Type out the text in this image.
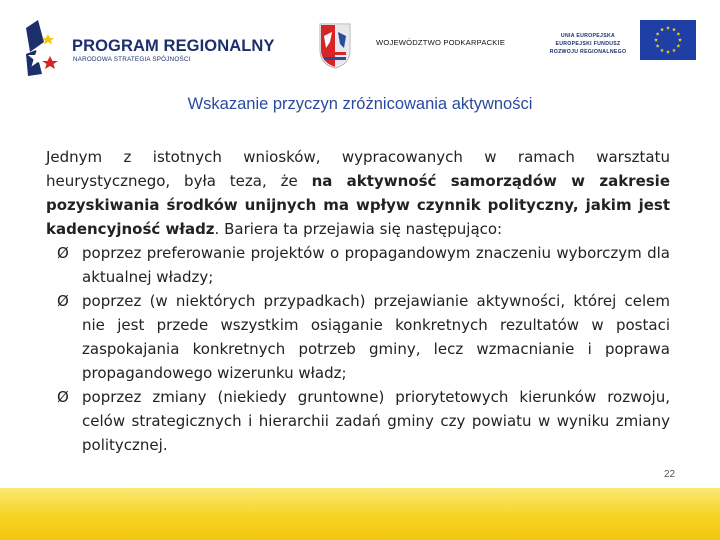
PROGRAM REGIONALNY
NARODOWA STRATEGIA SPÓJNOŚCI
WOJEWÓDZTWO PODKARPACKIE
UNIA EUROPEJSKA
EUROPEJSKI FUNDUSZ
ROZWOJU REGIONALNEGO
Wskazanie przyczyn zróżnicowania aktywności

Jednym z istotnych wniosków, wypracowanych w ramach warsztatu heurystycznego, była teza, że na aktywność samorządów w zakresie pozyskiwania środków unijnych ma wpływ czynnik polityczny, jakim jest kadencyjność władz. Bariera ta przejawia się następująco:

Ø poprzez preferowanie projektów o propagandowym znaczeniu wyborczym dla aktualnej władzy;
Ø poprzez (w niektórych przypadkach) przejawianie aktywności, której celem nie jest przede wszystkim osiąganie konkretnych rezultatów w postaci zaspokajania konkretnych potrzeb gminy, lecz wzmacnianie i poprawa propagandowego wizerunku władz;
Ø poprzez zmiany (niekiedy gruntowne) priorytetowych kierunków rozwoju, celów strategicznych i hierarchii zadań gminy czy powiatu w wyniku zmiany politycznej.
22
